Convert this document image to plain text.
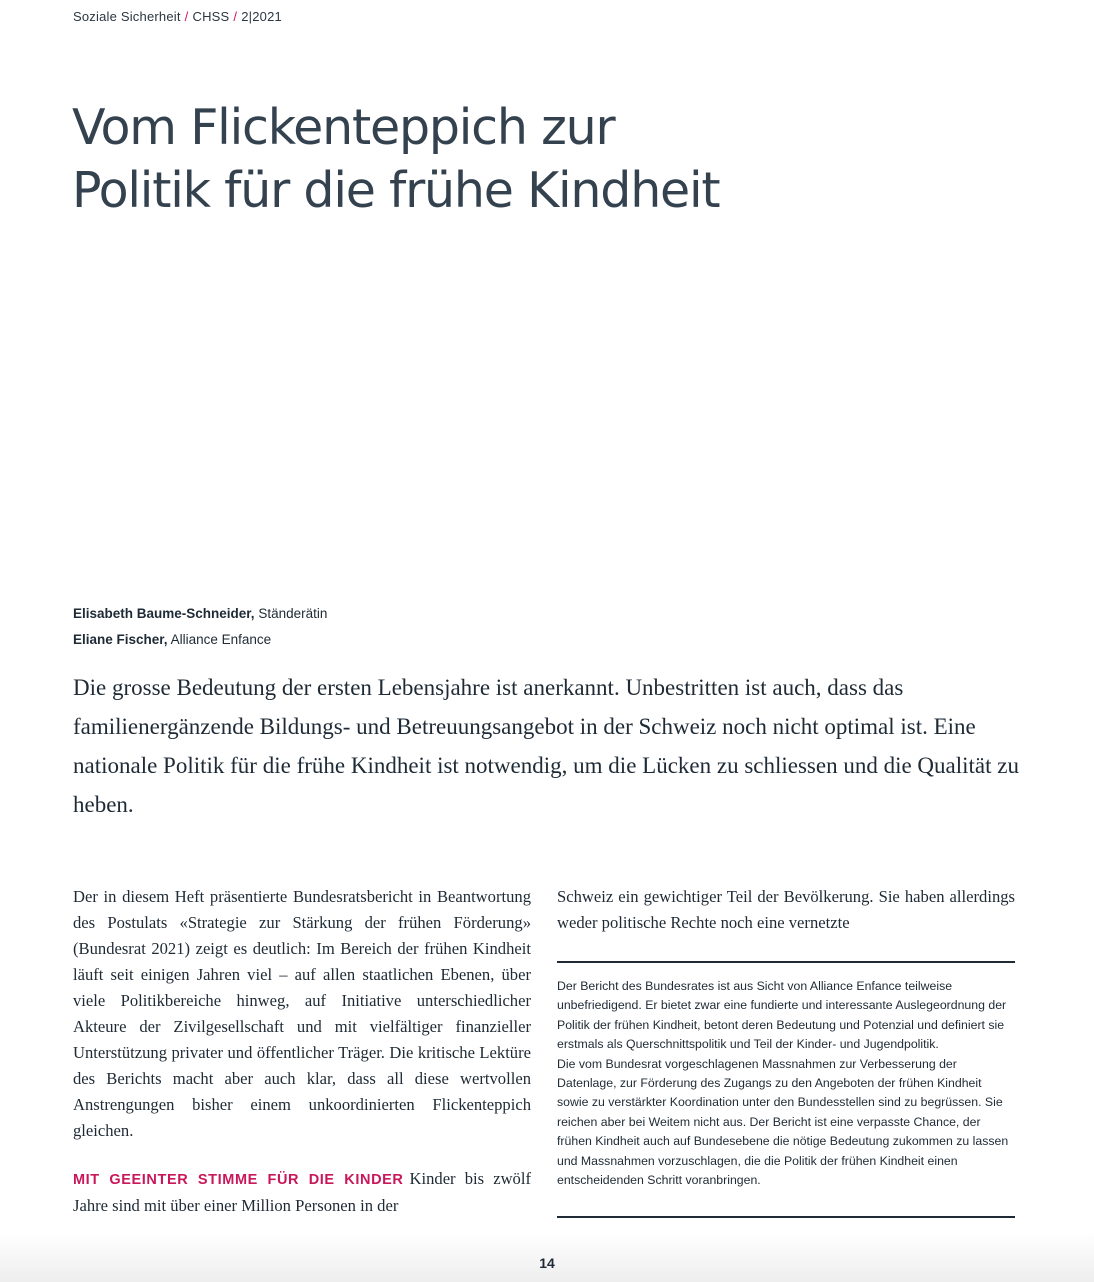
Soziale Sicherheit / CHSS / 2|2021
Vom Flickenteppich zur
Politik für die frühe Kindheit
Elisabeth Baume-Schneider, Ständerätin
Eliane Fischer, Alliance Enfance

Die grosse Bedeutung der ersten Lebensjahre ist anerkannt. Unbestritten ist auch, dass das familienergänzende Bildungs- und Betreuungsangebot in der Schweiz noch nicht optimal ist. Eine nationale Politik für die frühe Kindheit ist notwendig, um die Lücken zu schliessen und die Qualität zu heben.

Der in diesem Heft präsentierte Bundesratsbericht in Beantwortung des Postulats «Strategie zur Stärkung der frühen Förderung» (Bundesrat 2021) zeigt es deutlich: Im Bereich der frühen Kindheit läuft seit einigen Jahren viel – auf allen staatlichen Ebenen, über viele Politikbereiche hinweg, auf Initiative unterschiedlicher Akteure der Zivilgesellschaft und mit vielfältiger finanzieller Unterstützung privater und öffentlicher Träger. Die kritische Lektüre des Berichts macht aber auch klar, dass all diese wertvollen Anstrengungen bisher einem unkoordinierten Flickenteppich gleichen.

MIT GEEINTER STIMME FÜR DIE KINDER Kinder bis zwölf Jahre sind mit über einer Million Personen in der

Schweiz ein gewichtiger Teil der Bevölkerung. Sie haben allerdings weder politische Rechte noch eine vernetzte

Der Bericht des Bundesrates ist aus Sicht von Alliance Enfance teilweise unbefriedigend. Er bietet zwar eine fundierte und interessante Auslegeordnung der Politik der frühen Kindheit, betont deren Bedeutung und Potenzial und definiert sie erstmals als Querschnittspolitik und Teil der Kinder- und Jugendpolitik.

Die vom Bundesrat vorgeschlagenen Massnahmen zur Verbesserung der Datenlage, zur Förderung des Zugangs zu den Angeboten der frühen Kindheit sowie zu verstärkter Koordination unter den Bundesstellen sind zu begrüssen. Sie reichen aber bei Weitem nicht aus. Der Bericht ist eine verpasste Chance, der frühen Kindheit auch auf Bundesebene die nötige Bedeutung zukommen zu lassen und Massnahmen vorzuschlagen, die die Politik der frühen Kindheit einen entscheidenden Schritt voranbringen.

14
